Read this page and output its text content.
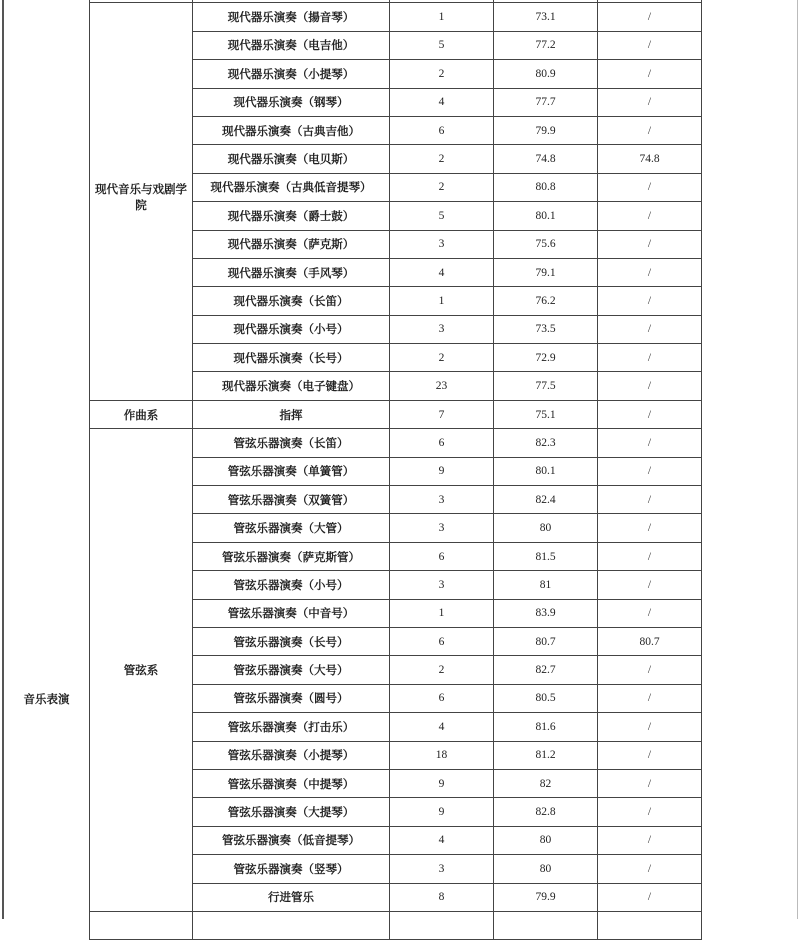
音乐表演

现代音乐与戏剧学院	现代器乐演奏（揚音琴）	1	73.1	/
	现代器乐演奏（电吉他）	5	77.2	/
	现代器乐演奏（小提琴）	2	80.9	/
	现代器乐演奏（钢琴）	4	77.7	/
	现代器乐演奏（古典吉他）	6	79.9	/
	现代器乐演奏（电贝斯）	2	74.8	74.8
	现代器乐演奏（古典低音提琴）	2	80.8	/
	现代器乐演奏（爵士鼓）	5	80.1	/
	现代器乐演奏（萨克斯）	3	75.6	/
	现代器乐演奏（手风琴）	4	79.1	/
	现代器乐演奏（长笛）	1	76.2	/
	现代器乐演奏（小号）	3	73.5	/
	现代器乐演奏（长号）	2	72.9	/
	现代器乐演奏（电子键盘）	23	77.5	/
作曲系	指挥	7	75.1	/
管弦系	管弦乐器演奏（长笛）	6	82.3	/
	管弦乐器演奏（单簧管）	9	80.1	/
	管弦乐器演奏（双簧管）	3	82.4	/
	管弦乐器演奏（大管）	3	80	/
	管弦乐器演奏（萨克斯管）	6	81.5	/
	管弦乐器演奏（小号）	3	81	/
	管弦乐器演奏（中音号）	1	83.9	/
	管弦乐器演奏（长号）	6	80.7	80.7
	管弦乐器演奏（大号）	2	82.7	/
	管弦乐器演奏（圆号）	6	80.5	/
	管弦乐器演奏（打击乐）	4	81.6	/
	管弦乐器演奏（小提琴）	18	81.2	/
	管弦乐器演奏（中提琴）	9	82	/
	管弦乐器演奏（大提琴）	9	82.8	/
	管弦乐器演奏（低音提琴）	4	80	/
	管弦乐器演奏（竖琴）	3	80	/
	行进管乐	8	79.9	/
